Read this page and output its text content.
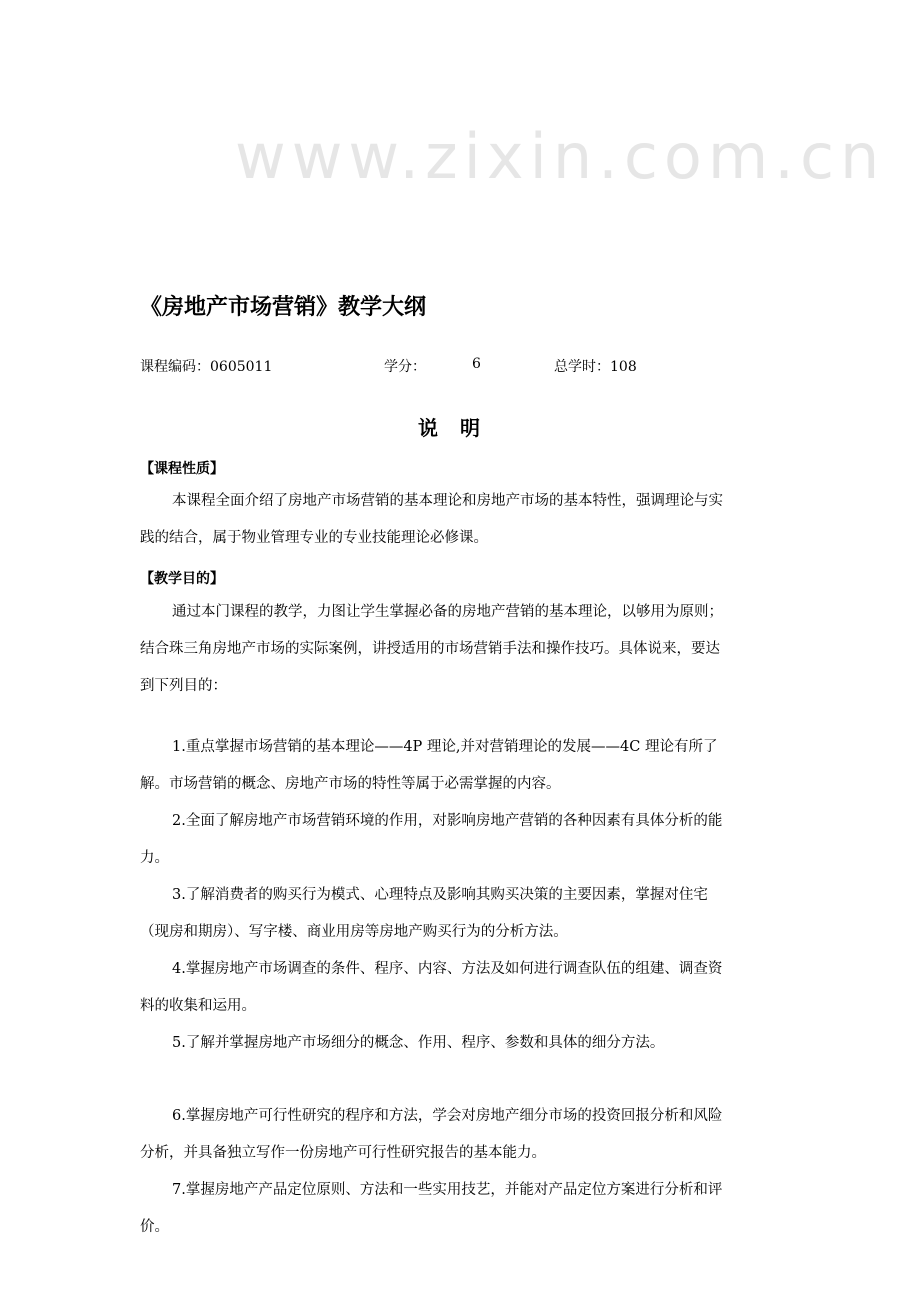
www.zixin.com.cn
《房地产市场营销》教学大纲
课程编码：0605011	学分：	6	总学时：108
说明
【课程性质】
本课程全面介绍了房地产市场营销的基本理论和房地产市场的基本特性，强调理论与实
践的结合，属于物业管理专业的专业技能理论必修课。
【教学目的】
通过本门课程的教学，力图让学生掌握必备的房地产营销的基本理论，以够用为原则；
结合珠三角房地产市场的实际案例，讲授适用的市场营销手法和操作技巧。具体说来，要达
到下列目的：
1.重点掌握市场营销的基本理论——4P 理论,并对营销理论的发展——4C 理论有所了
解。市场营销的概念、房地产市场的特性等属于必需掌握的内容。
2.全面了解房地产市场营销环境的作用，对影响房地产营销的各种因素有具体分析的能
力。
3.了解消费者的购买行为模式、心理特点及影响其购买决策的主要因素，掌握对住宅
（现房和期房）、写字楼、商业用房等房地产购买行为的分析方法。
4.掌握房地产市场调查的条件、程序、内容、方法及如何进行调查队伍的组建、调查资
料的收集和运用。
5.了解并掌握房地产市场细分的概念、作用、程序、参数和具体的细分方法。
6.掌握房地产可行性研究的程序和方法，学会对房地产细分市场的投资回报分析和风险
分析，并具备独立写作一份房地产可行性研究报告的基本能力。
7.掌握房地产产品定位原则、方法和一些实用技艺，并能对产品定位方案进行分析和评
价。
